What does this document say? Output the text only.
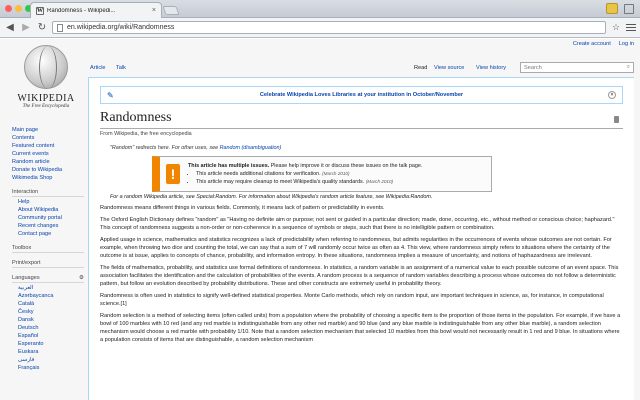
W Randomness - Wikipedi...	×
◀ ▶ ↻	en.wikipedia.org/wiki/Randomness	☆
Create account Log in
WIKIPEDIA
The Free Encyclopedia
Main page
Contents
Featured content
Current events
Random article
Donate to Wikipedia
Wikimedia Shop
Interaction
Help
About Wikipedia
Community portal
Recent changes
Contact page
Toolbox
Print/export
Languages	⚙
العربية
Azərbaycanca
Català
Česky
Dansk
Deutsch
Español
Esperanto
Euskara
فارسی
Français
Article Talk	Read View source View history	Search	⌕
✎	Celebrate Wikipedia Loves Libraries at your institution in October/November	×
Randomness
From Wikipedia, the free encyclopedia
"Random" redirects here. For other uses, see Random (disambiguation)
!
This article has multiple issues. Please help improve it or discuss these issues on the talk page.
• This article needs additional citations for verification. (March 2010)
• This article may require cleanup to meet Wikipedia's quality standards. (March 2010)
For a random Wikipedia article, see Special:Random. For information about Wikipedia's random article feature, see Wikipedia:Random.

Randomness means different things in various fields. Commonly, it means lack of pattern or predictability in events.

The Oxford English Dictionary defines "random" as "Having no definite aim or purpose; not sent or guided in a particular direction; made, done, occurring, etc., without method or conscious choice; haphazard." This concept of randomness suggests a non-order or non-coherence in a sequence of symbols or steps, such that there is no intelligible pattern or combination.

Applied usage in science, mathematics and statistics recognizes a lack of predictability when referring to randomness, but admits regularities in the occurrences of events whose outcomes are not certain. For example, when throwing two dice and counting the total, we can say that a sum of 7 will randomly occur twice as often as 4. This view, where randomness simply refers to situations where the certainty of the outcome is at issue, applies to concepts of chance, probability, and information entropy. In these situations, randomness implies a measure of uncertainty, and notions of haphazardness are irrelevant.

The fields of mathematics, probability, and statistics use formal definitions of randomness. In statistics, a random variable is an assignment of a numerical value to each possible outcome of an event space. This association facilitates the identification and the calculation of probabilities of the events. A random process is a sequence of random variables describing a process whose outcomes do not follow a deterministic pattern, but follow an evolution described by probability distributions. These and other constructs are extremely useful in probability theory.

Randomness is often used in statistics to signify well-defined statistical properties. Monte Carlo methods, which rely on random input, are important techniques in science, as, for instance, in computational science.[1]

Random selection is a method of selecting items (often called units) from a population where the probability of choosing a specific item is the proportion of those items in the population. For example, if we have a bowl of 100 marbles with 10 red (and any red marble is indistinguishable from any other red marble) and 90 blue (and any blue marble is indistinguishable from any other blue marble), a random selection mechanism would choose a red marble with probability 1/10. Note that a random selection mechanism that selected 10 marbles from this bowl would not necessarily result in 1 red and 9 blue. In situations where a population consists of items that are distinguishable, a random selection mechanism
